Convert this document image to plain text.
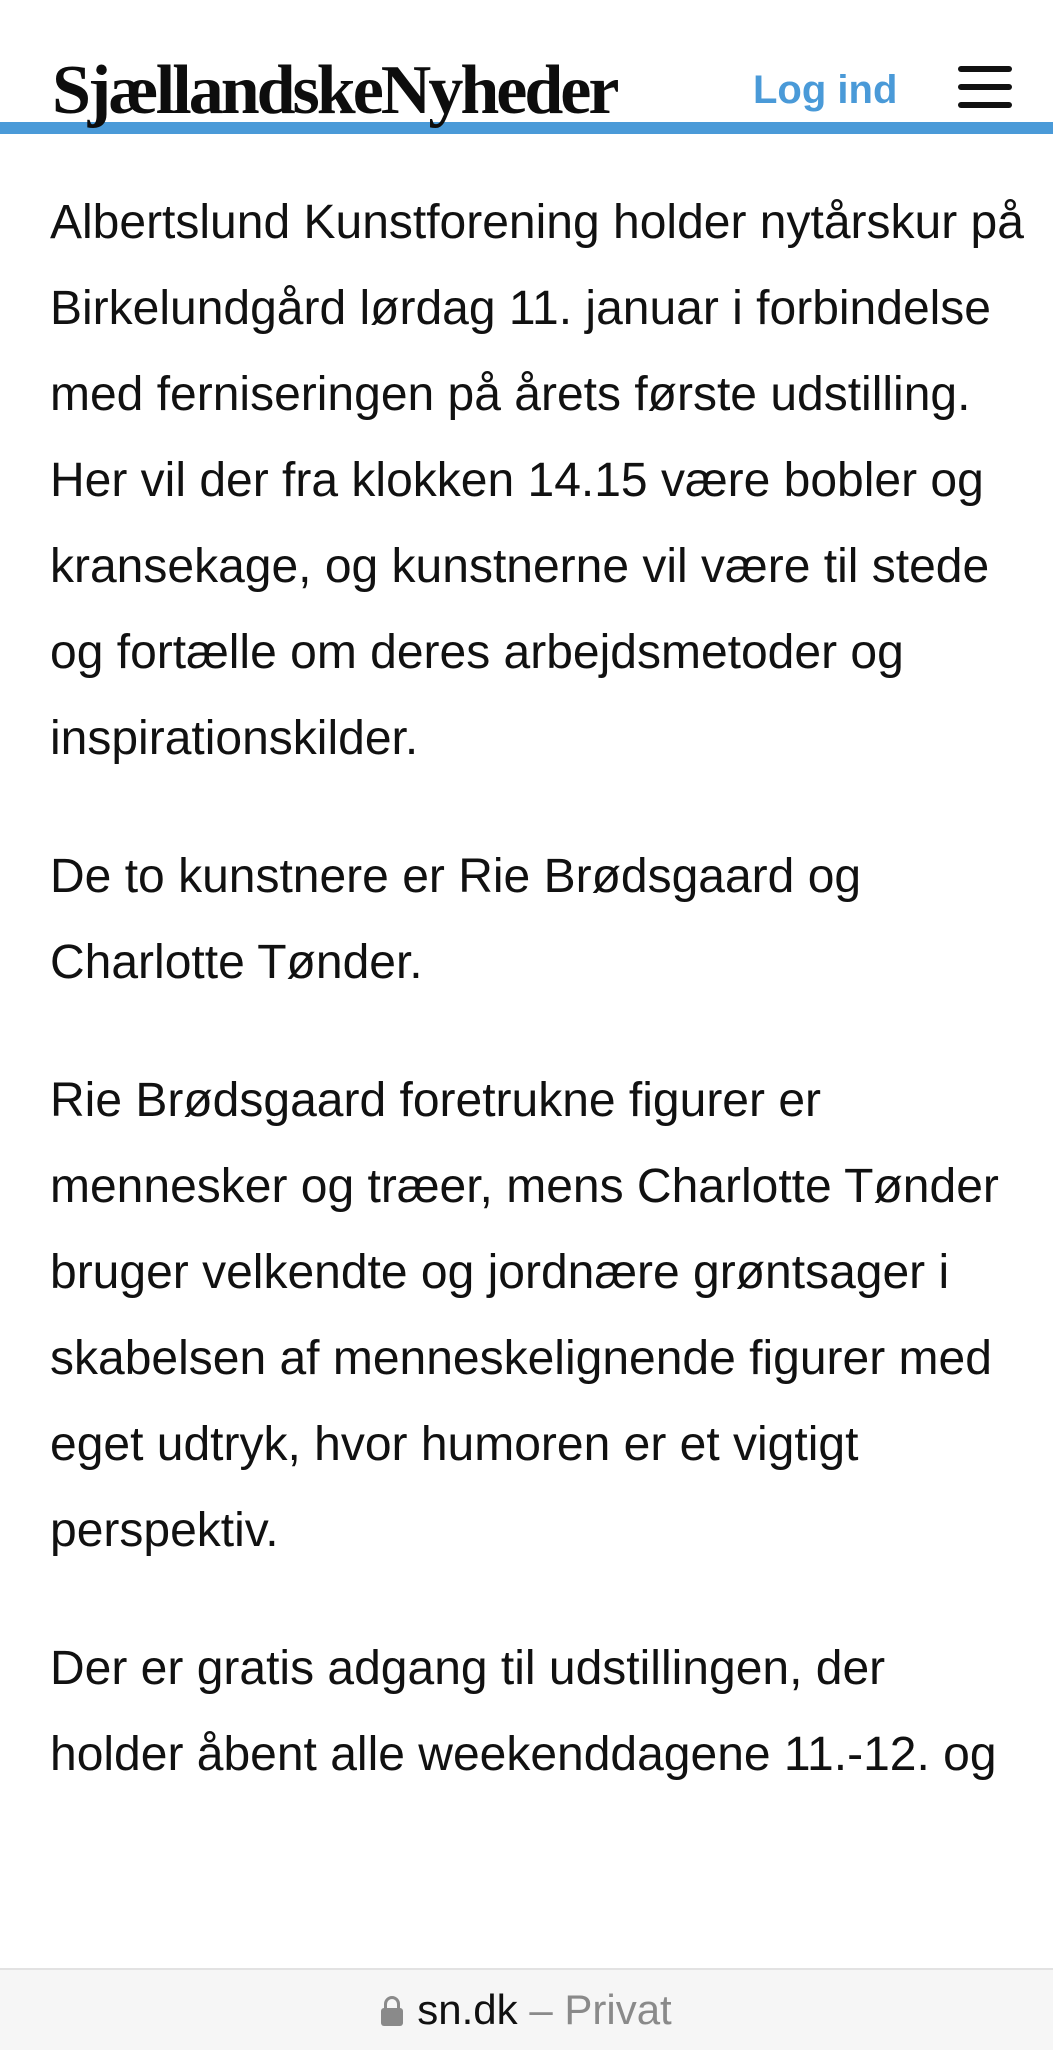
SjællandskeNyheder	Log ind

Albertslund Kunstforening holder nytårskur på Birkelundgård lørdag 11. januar i forbindelse med ferniseringen på årets første udstilling. Her vil der fra klokken 14.15 være bobler og kransekage, og kunstnerne vil være til stede og fortælle om deres arbejdsmetoder og inspirationskilder.

De to kunstnere er Rie Brødsgaard og Charlotte Tønder.

Rie Brødsgaard foretrukne figurer er mennesker og træer, mens Charlotte Tønder bruger velkendte og jordnære grøntsager i skabelsen af menneskelignende figurer med eget udtryk, hvor humoren er et vigtigt perspektiv.

Der er gratis adgang til udstillingen, der holder åbent alle weekenddagene 11.-12. og

sn.dk – Privat
